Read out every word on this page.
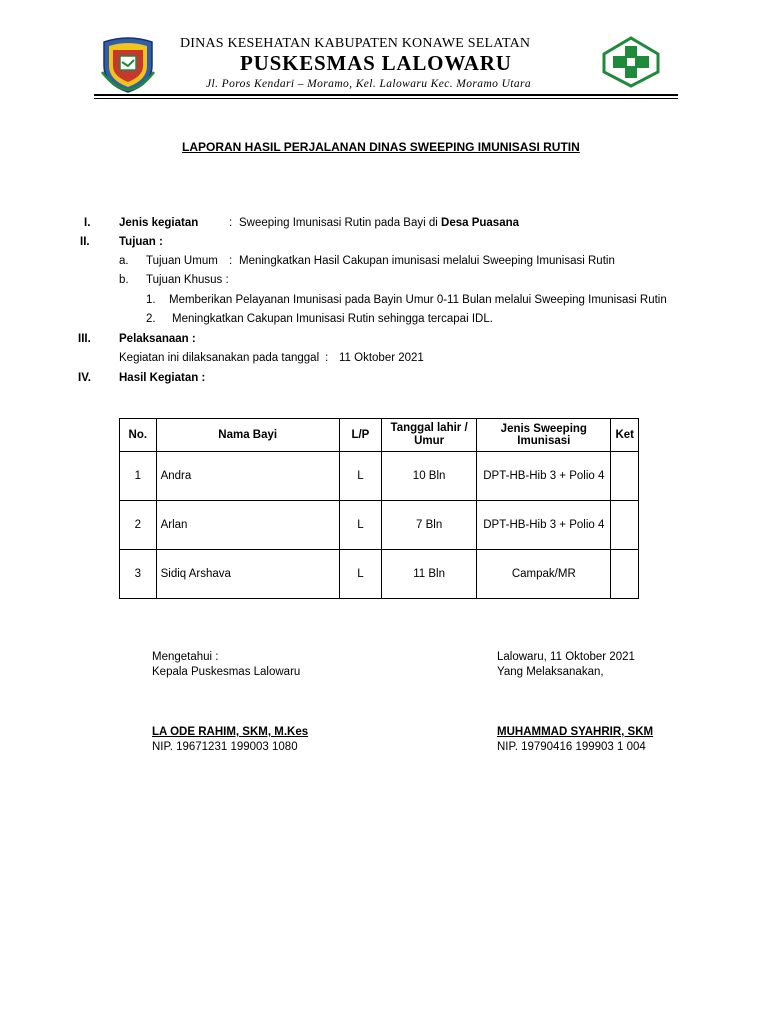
DINAS KESEHATAN KABUPATEN KONAWE SELATAN
PUSKESMAS LALOWARU
Jl. Poros Kendari – Moramo, Kel. Lalowaru Kec. Moramo Utara
LAPORAN HASIL PERJALANAN DINAS SWEEPING IMUNISASI RUTIN
I. Jenis kegiatan	: Sweeping Imunisasi Rutin pada Bayi di Desa Puasana
II.	Tujuan :
a. Tujuan Umum : Meningkatkan Hasil Cakupan imunisasi melalui Sweeping Imunisasi Rutin
b. Tujuan Khusus :
1. Memberikan Pelayanan Imunisasi pada Bayin Umur 0-11 Bulan melalui Sweeping Imunisasi Rutin
2. Meningkatkan Cakupan Imunisasi Rutin sehingga tercapai IDL.
III. Pelaksanaan :
Kegiatan ini dilaksanakan pada tanggal : 11 Oktober 2021
IV. Hasil Kegiatan :
No.	Nama Bayi	L/P	Tanggal lahir / Umur	Jenis Sweeping Imunisasi	Ket
1	Andra	L	10 Bln	DPT-HB-Hib 3 + Polio 4	
2	Arlan	L	7 Bln	DPT-HB-Hib 3 + Polio 4	
3	Sidiq Arshava	L	11 Bln	Campak/MR	
Mengetahui :
Kepala Puskesmas Lalowaru
LA ODE RAHIM, SKM, M.Kes
NIP. 19671231 199003 1080
Lalowaru, 11 Oktober 2021
Yang Melaksanakan,
MUHAMMAD SYAHRIR, SKM
NIP. 19790416 199903 1 004
